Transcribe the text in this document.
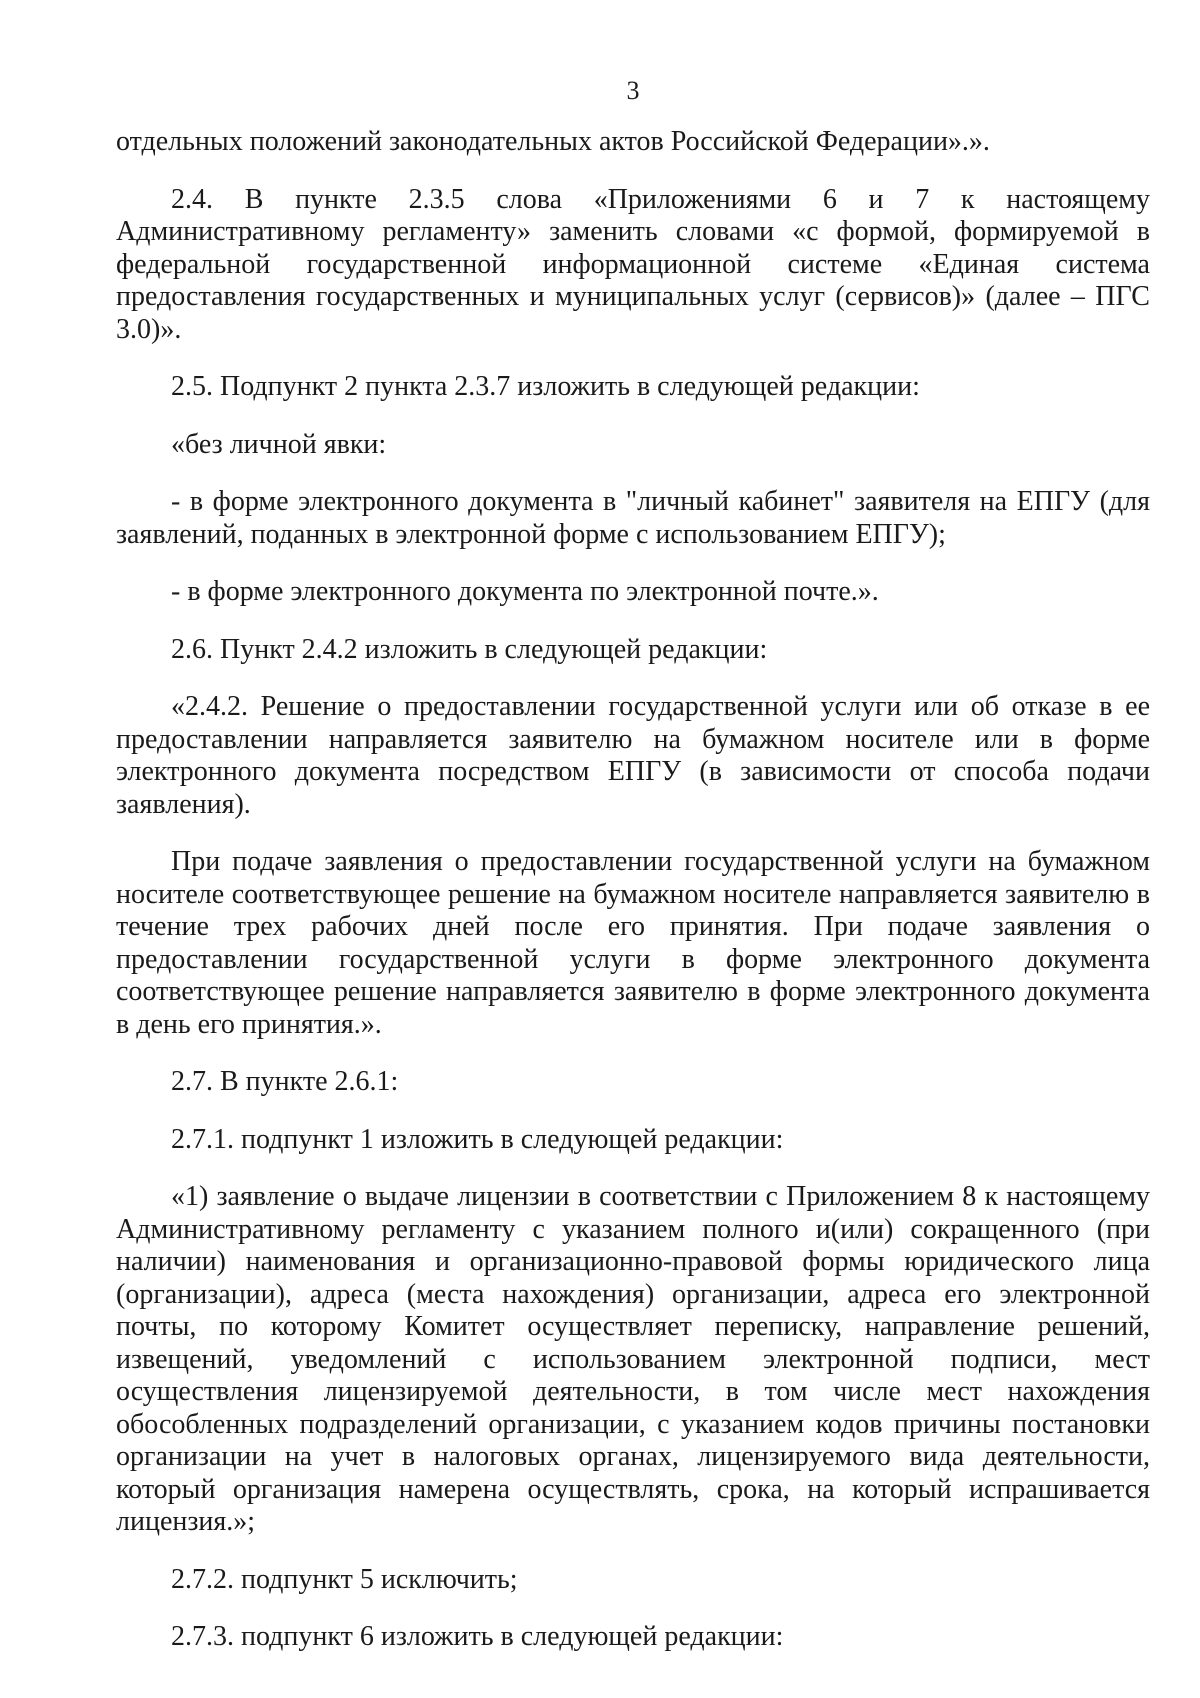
3

отдельных положений законодательных актов Российской Федерации».».

2.4. В пункте 2.3.5 слова «Приложениями 6 и 7 к настоящему Административному регламенту» заменить словами «с формой, формируемой в федеральной государственной информационной системе «Единая система предоставления государственных и муниципальных услуг (сервисов)» (далее – ПГС 3.0)».

2.5. Подпункт 2 пункта 2.3.7 изложить в следующей редакции:

«без личной явки:

- в форме электронного документа в "личный кабинет" заявителя на ЕПГУ (для заявлений, поданных в электронной форме с использованием ЕПГУ);

- в форме электронного документа по электронной почте.».

2.6. Пункт 2.4.2 изложить в следующей редакции:

«2.4.2. Решение о предоставлении государственной услуги или об отказе в ее предоставлении направляется заявителю на бумажном носителе или в форме электронного документа посредством ЕПГУ (в зависимости от способа подачи заявления).

При подаче заявления о предоставлении государственной услуги на бумажном носителе соответствующее решение на бумажном носителе направляется заявителю в течение трех рабочих дней после его принятия. При подаче заявления о предоставлении государственной услуги в форме электронного документа соответствующее решение направляется заявителю в форме электронного документа в день его принятия.».

2.7. В пункте 2.6.1:

2.7.1. подпункт 1 изложить в следующей редакции:

«1) заявление о выдаче лицензии в соответствии с Приложением 8 к настоящему Административному регламенту с указанием полного и(или) сокращенного (при наличии) наименования и организационно-правовой формы юридического лица (организации), адреса (места нахождения) организации, адреса его электронной почты, по которому Комитет осуществляет переписку, направление решений, извещений, уведомлений с использованием электронной подписи, мест осуществления лицензируемой деятельности, в том числе мест нахождения обособленных подразделений организации, с указанием кодов причины постановки организации на учет в налоговых органах, лицензируемого вида деятельности, который организация намерена осуществлять, срока, на который испрашивается лицензия.»;

2.7.2. подпункт 5 исключить;

2.7.3. подпункт 6 изложить в следующей редакции:
